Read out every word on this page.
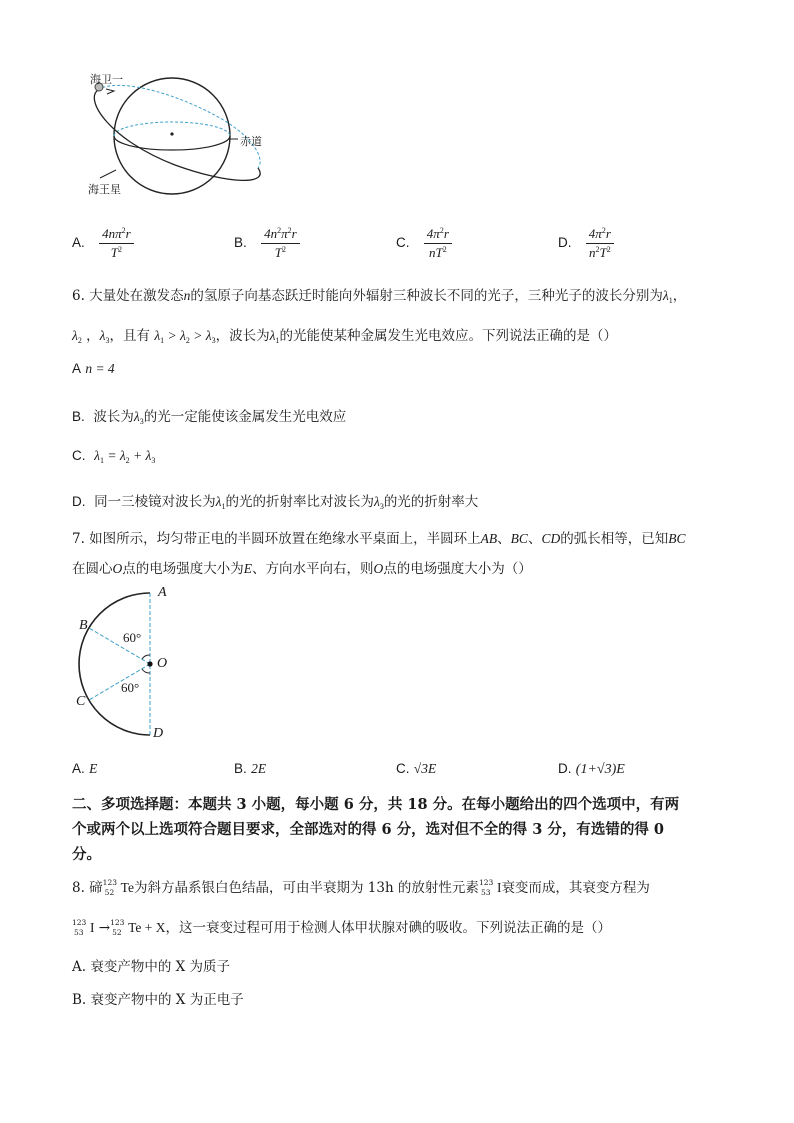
海卫一
赤道
海王星
A. $\frac{4n\pi^2r}{T^2}$	B. $\frac{4n^2\pi^2r}{T^2}$	C. $\frac{4\pi^2r}{nT^2}$	D. $\frac{4\pi^2r}{n^2T^2}$
6. 大量处在激发态n的氢原子向基态跃迁时能向外辐射三种波长不同的光子，三种光子的波长分别为$\lambda_1$，
$\lambda_2$ ，$\lambda_3$，且有 $\lambda_1 > \lambda_2 > \lambda_3$，波长为$\lambda_1$的光能使某种金属发生光电效应。下列说法正确的是（）
A n = 4
B. 波长为$\lambda_3$的光一定能使该金属发生光电效应
C. $\lambda_1 = \lambda_2 + \lambda_3$
D. 同一三棱镜对波长为$\lambda_1$的光的折射率比对波长为$\lambda_3$的光的折射率大
7. 如图所示，均匀带正电的半圆环放置在绝缘水平桌面上，半圆环上AB、BC、CD的弧长相等，已知BC
在圆心O点的电场强度大小为E、方向水平向右，则O点的电场强度大小为（）
A
B
C
D
O
60°
60°
A. E	B. 2E	C. √3E	D. (1+√3)E
二、多项选择题：本题共 3 小题，每小题 6 分，共 18 分。在每小题给出的四个选项中，有两
个或两个以上选项符合题目要求，全部选对的得 6 分，选对但不全的得 3 分，有选错的得 0
分。
8. 碲 123
52 Te为斜方晶系银白色结晶，可由半衰期为 13h 的放射性元素 123
53 I衰变而成，其衰变方程为
123
53 I → 123
52 Te + X，这一衰变过程可用于检测人体甲状腺对碘的吸收。下列说法正确的是（）
A. 衰变产物中的 X 为质子
B. 衰变产物中的 X 为正电子
